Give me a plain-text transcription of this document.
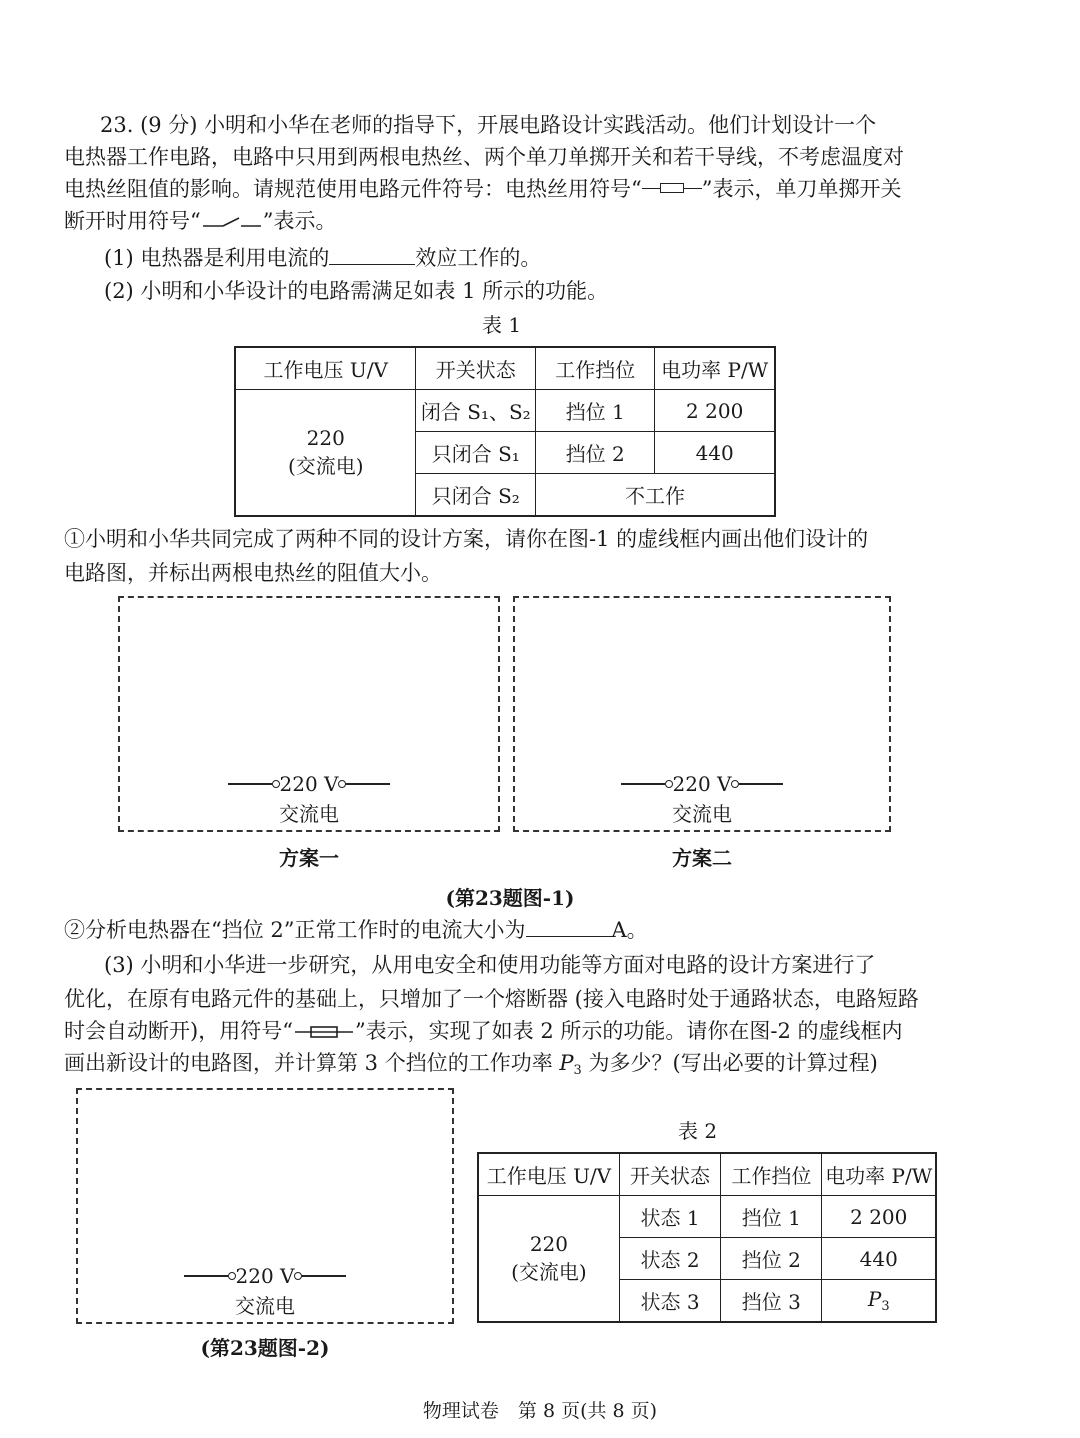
23. (9 分) 小明和小华在老师的指导下，开展电路设计实践活动。他们计划设计一个
电热器工作电路，电路中只用到两根电热丝、两个单刀单掷开关和若干导线，不考虑温度对
电热丝阻值的影响。请规范使用电路元件符号：电热丝用符号“	”表示，单刀单掷开关
断开时用符号“	”表示。
(1) 电热器是利用电流的	效应工作的。
(2) 小明和小华设计的电路需满足如表 1 所示的功能。
表 1
工作电压 U/V	开关状态	工作挡位	电功率 P/W

220
(交流电)	闭合 S₁、S₂	挡位 1	2 200
	只闭合 S₁	挡位 2	440
	只闭合 S₂	不工作	
①小明和小华共同完成了两种不同的设计方案，请你在图-1 的虚线框内画出他们设计的
电路图，并标出两根电热丝的阻值大小。
220 V
交流电
220 V
交流电
方案一	方案二
(第23题图-1)
②分析电热器在“挡位 2”正常工作时的电流大小为	A。
(3) 小明和小华进一步研究，从用电安全和使用功能等方面对电路的设计方案进行了
优化，在原有电路元件的基础上，只增加了一个熔断器 (接入电路时处于通路状态，电路短路
时会自动断开)，用符号“	”表示，实现了如表 2 所示的功能。请你在图-2 的虚线框内
画出新设计的电路图，并计算第 3 个挡位的工作功率 $P_3$ 为多少？(写出必要的计算过程)
220 V
交流电
(第23题图-2)
表 2
工作电压 U/V	开关状态	工作挡位	电功率 P/W

220
(交流电)	状态 1	挡位 1	2 200
	状态 2	挡位 2	440
	状态 3	挡位 3	$P_3$
物理试卷　第 8 页(共 8 页)
